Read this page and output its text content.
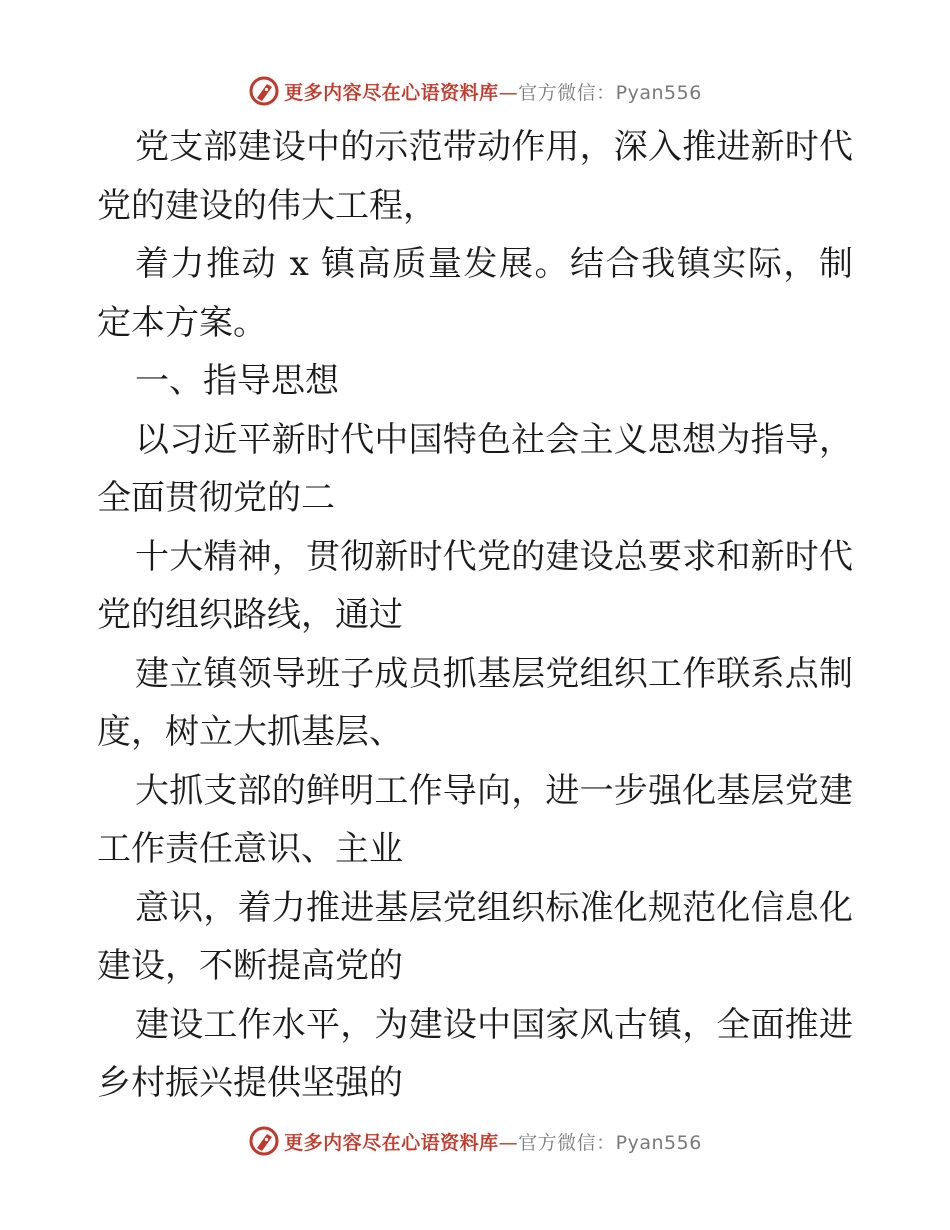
更多内容尽在心语资料库—官方微信：Pyan556
党支部建设中的示范带动作用，深入推进新时代
党的建设的伟大工程，
着力推动 x 镇高质量发展。结合我镇实际，制
定本方案。
一、指导思想
以习近平新时代中国特色社会主义思想为指导，
全面贯彻党的二
十大精神，贯彻新时代党的建设总要求和新时代
党的组织路线，通过
建立镇领导班子成员抓基层党组织工作联系点制
度，树立大抓基层、
大抓支部的鲜明工作导向，进一步强化基层党建
工作责任意识、主业
意识，着力推进基层党组织标准化规范化信息化
建设，不断提高党的
建设工作水平，为建设中国家风古镇，全面推进
乡村振兴提供坚强的
更多内容尽在心语资料库—官方微信：Pyan556
